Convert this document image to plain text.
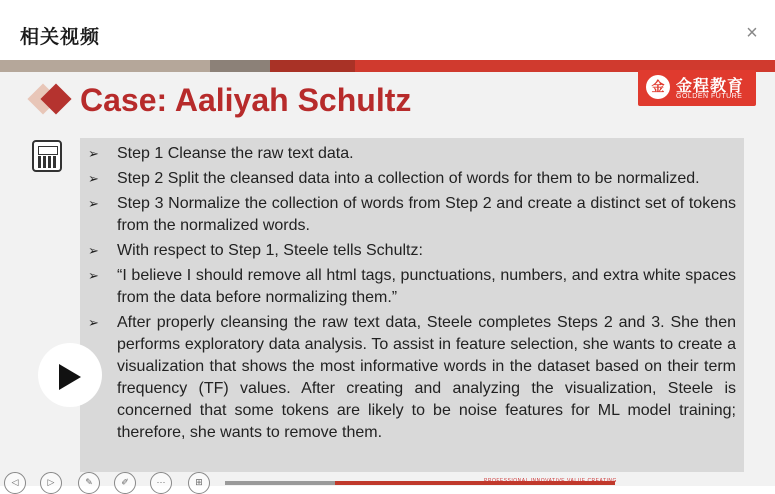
相关视频	×
Case: Aaliyah Schultz	金 金程教育
GOLDEN FUTURE
➢ Step 1 Cleanse the raw text data.
➢ Step 2 Split the cleansed data into a collection of words for them to be normalized.
➢ Step 3 Normalize the collection of words from Step 2 and create a distinct set of tokens from the normalized words.
➢ With respect to Step 1, Steele tells Schultz:
➢ “I believe I should remove all html tags, punctuations, numbers, and extra white spaces from the data before normalizing them.”
➢ After properly cleansing the raw text data, Steele completes Steps 2 and 3. She then performs exploratory data analysis. To assist in feature selection, she wants to create a visualization that shows the most informative words in the dataset based on their term frequency (TF) values. After creating and analyzing the visualization, Steele is concerned that some tokens are likely to be noise features for ML model training; therefore, she wants to remove them.
◁	▷	✎	✐	···	⊞	PROFESSIONAL INNOVATIVE VALUE CREATING
